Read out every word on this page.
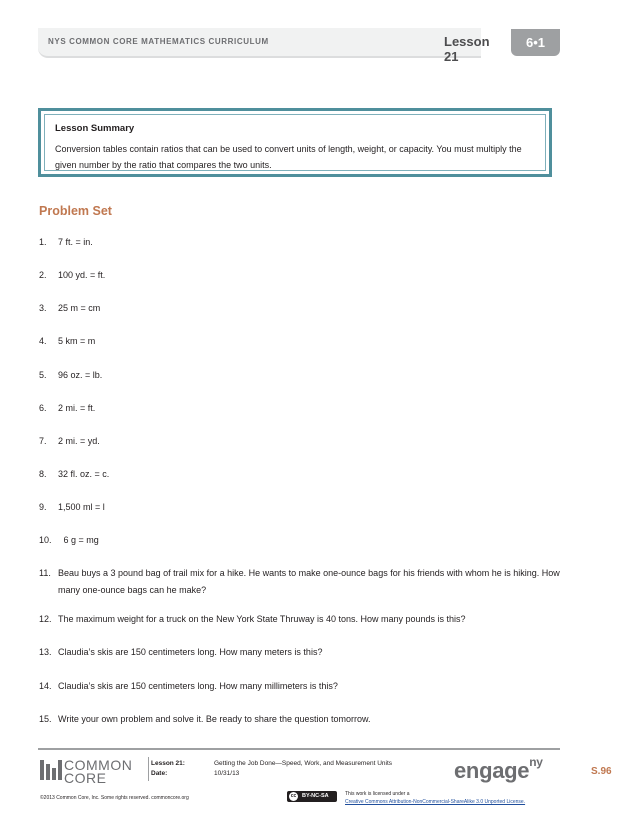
NYS COMMON CORE MATHEMATICS CURRICULUM	Lesson 21
6•1
Lesson Summary
Conversion tables contain ratios that can be used to convert units of length, weight, or capacity. You must multiply the given number by the ratio that compares the two units.
Problem Set
1. 7 ft. = in.
2. 100 yd. = ft.
3. 25 m = cm
4. 5 km = m
5. 96 oz. = lb.
6. 2 mi. = ft.
7. 2 mi. = yd.
8. 32 fl. oz. = c.
9. 1,500 ml = l
10. 6 g = mg
11. Beau buys a 3 pound bag of trail mix for a hike. He wants to make one-ounce bags for his friends with whom he is hiking. How many one-ounce bags can he make?
12. The maximum weight for a truck on the New York State Thruway is 40 tons. How many pounds is this?
13. Claudia’s skis are 150 centimeters long. How many meters is this?
14. Claudia’s skis are 150 centimeters long. How many millimeters is this?
15. Write your own problem and solve it. Be ready to share the question tomorrow.
COMMON
CORE
Lesson 21:	Getting the Job Done—Speed, Work, and Measurement Units
Date:	10/31/13	engage$^{ny}$
S.96
©2013 Common Core, Inc. Some rights reserved. commoncore.org	cc	BY-NC-SA	This work is licensed under a
Creative Commons Attribution-NonCommercial-ShareAlike 3.0 Unported License.
